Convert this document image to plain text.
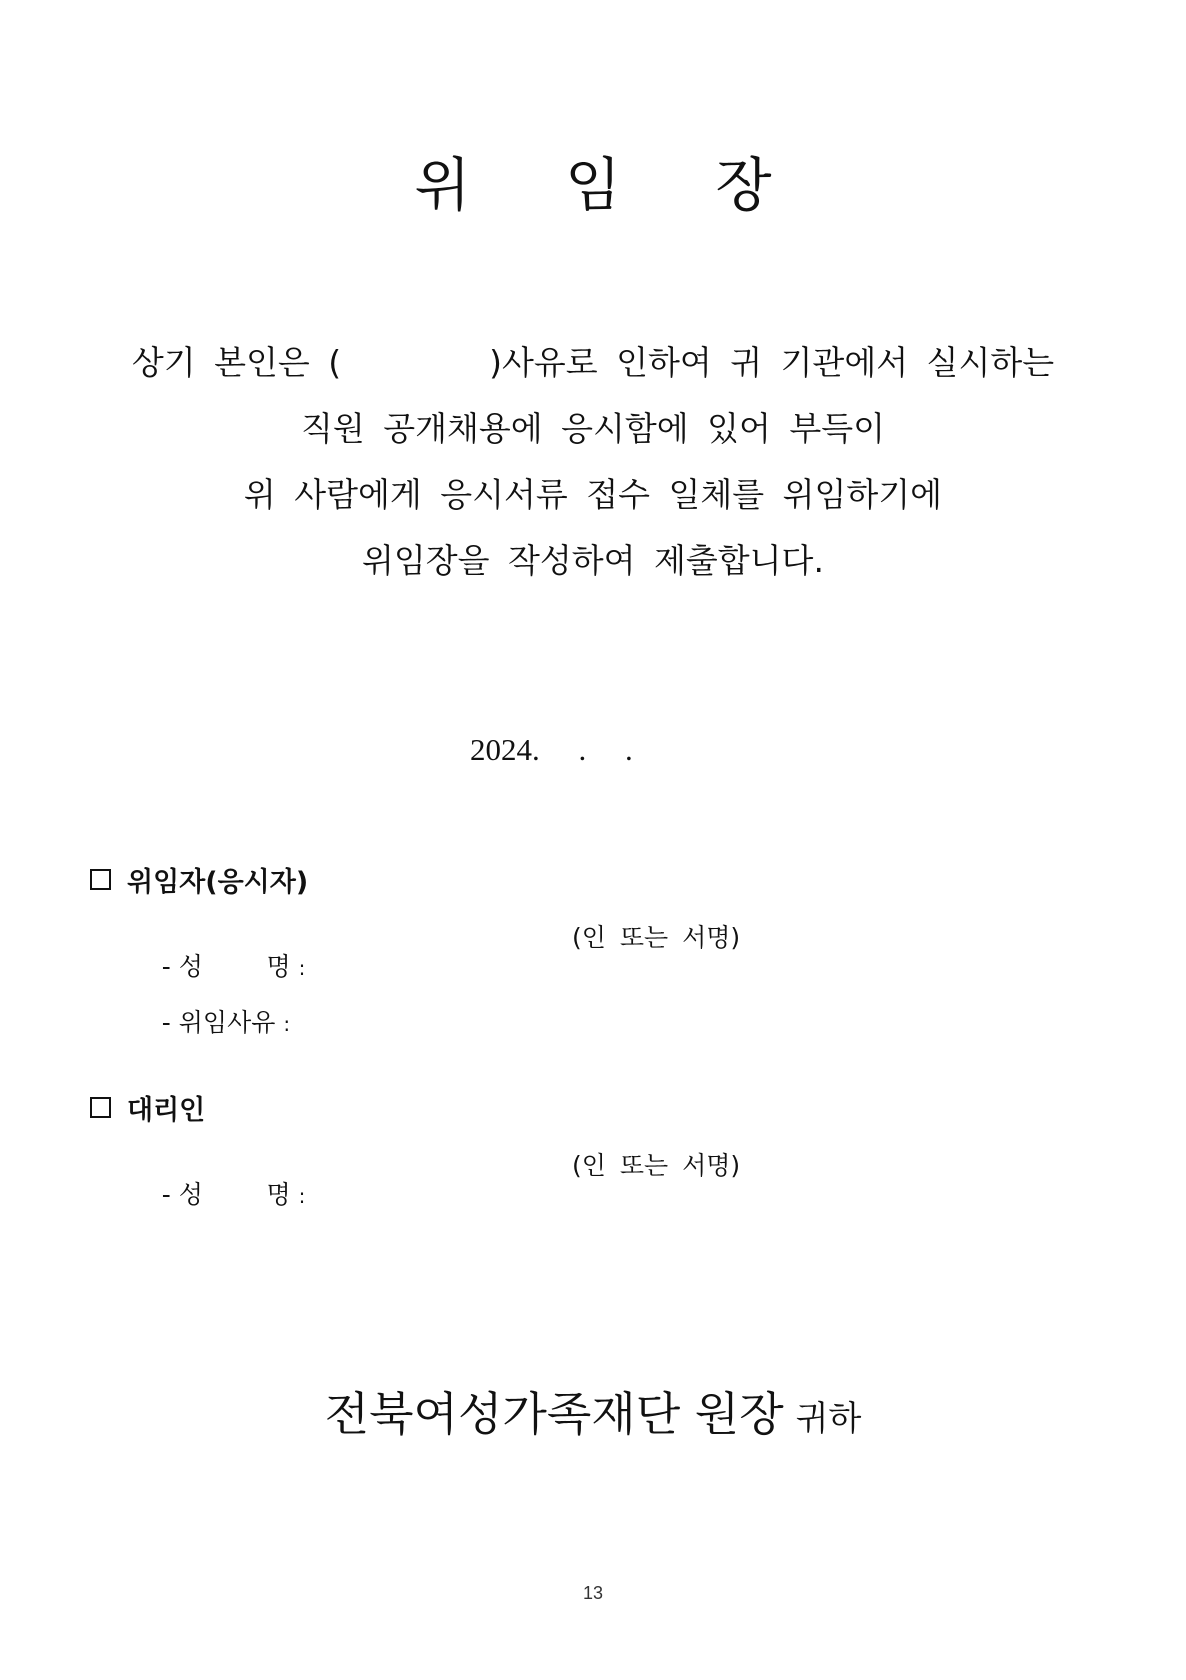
위 임 장
상기 본인은 (        )사유로 인하여 귀 기관에서 실시하는
직원 공개채용에 응시함에 있어 부득이
위 사람에게 응시서류 접수 일체를 위임하기에
위임장을 작성하여 제출합니다.
2024.     .     .
위임자(응시자)

- 성        명 :

(인 또는 서명)

- 위임사유 :

대리인

- 성        명 :

(인 또는 서명)
전북여성가족재단 원장 귀하
13
